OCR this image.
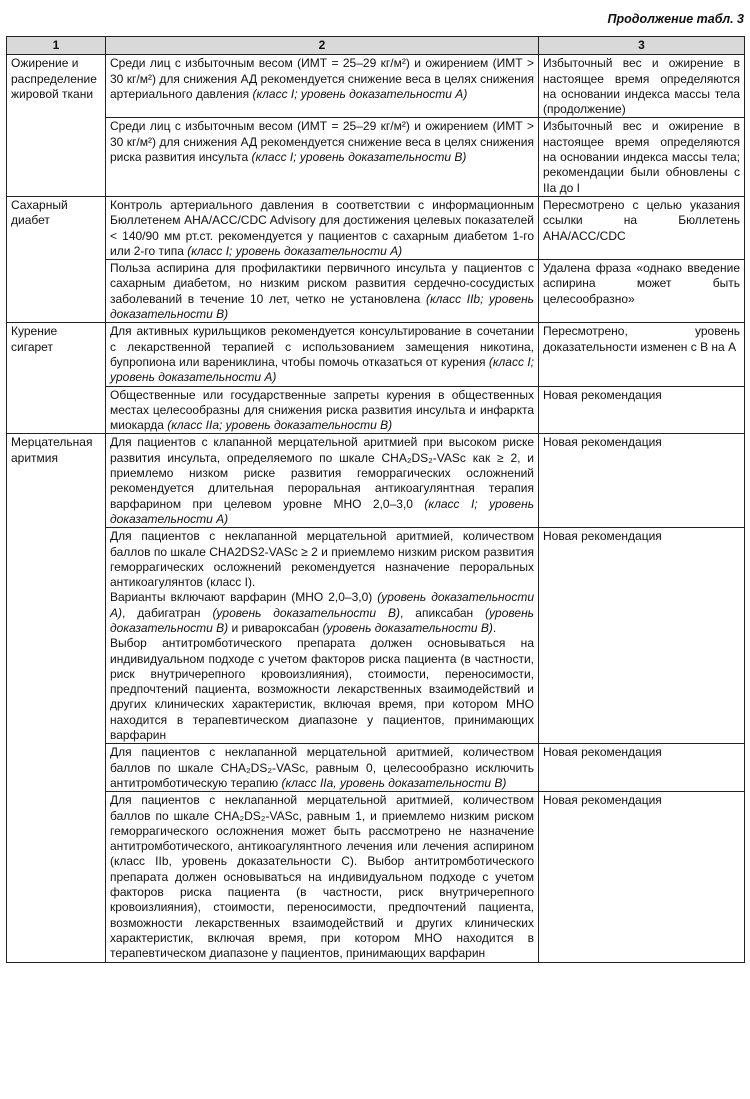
Продолжение табл. 3
1	2	3
Ожирение и распределение жировой ткани	Среди лиц с избыточным весом (ИМТ = 25–29 кг/м²) и ожирением (ИМТ > 30 кг/м²) для снижения АД рекомендуется снижение веса в целях снижения артериального давления (класс I; уровень доказательности А)	Избыточный вес и ожирение в настоящее время определяются на основании индекса массы тела (продолжение)
	Среди лиц с избыточным весом (ИМТ = 25–29 кг/м²) и ожирением (ИМТ > 30 кг/м²) для снижения АД рекомендуется снижение веса в целях снижения риска развития инсульта (класс I; уровень доказательности В)	Избыточный вес и ожирение в настоящее время определяются на основании индекса массы тела; рекомендации были обновлены с IIa до I
Сахарный диабет	Контроль артериального давления в соответствии с информационным Бюллетенем AHA/ACC/CDC Advisory для достижения целевых показателей < 140/90 мм рт.ст. рекомендуется у пациентов с сахарным диабетом 1-го или 2-го типа (класс I; уровень доказательности А)	Пересмотрено с целью указания ссылки на Бюллетень AHA/ACC/CDC
	Польза аспирина для профилактики первичного инсульта у пациентов с сахарным диабетом, но низким риском развития сердечно-сосудистых заболеваний в течение 10 лет, четко не установлена (класс IIb; уровень доказательности В)	Удалена фраза «однако введение аспирина может быть целесообразно»
Курение сигарет	Для активных курильщиков рекомендуется консультирование в сочетании с лекарственной терапией с использованием замещения никотина, бупропиона или варениклина, чтобы помочь отказаться от курения (класс I; уровень доказательности А)	Пересмотрено, уровень доказательности изменен с В на А
	Общественные или государственные запреты курения в общественных местах целесообразны для снижения риска развития инсульта и инфаркта миокарда (класс IIa; уровень доказательности В)	Новая рекомендация
Мерцательная аритмия	Для пациентов с клапанной мерцательной аритмией при высоком риске развития инсульта, определяемого по шкале CHA₂DS₂-VASc как ≥ 2, и приемлемо низком риске развития геморрагических осложнений рекомендуется длительная пероральная антикоагулянтная терапия варфарином при целевом уровне МНО 2,0–3,0 (класс I; уровень доказательности А)	Новая рекомендация
	Для пациентов с неклапанной мерцательной аритмией, количеством баллов по шкале CHA2DS2-VASc ≥ 2 и приемлемо низким риском развития геморрагических осложнений рекомендуется назначение пероральных антикоагулянтов (класс I).
Варианты включают варфарин (МНО 2,0–3,0) (уровень доказательности А), дабигатран (уровень доказательности В), апиксабан (уровень доказательности В) и ривароксабан (уровень доказательности В).
Выбор антитромботического препарата должен основываться на индивидуальном подходе с учетом факторов риска пациента (в частности, риск внутричерепного кровоизлияния), стоимости, переносимости, предпочтений пациента, возможности лекарственных взаимодействий и других клинических характеристик, включая время, при котором МНО находится в терапевтическом диапазоне у пациентов, принимающих варфарин	Новая рекомендация
	Для пациентов с неклапанной мерцательной аритмией, количеством баллов по шкале CHA₂DS₂-VASc, равным 0, целесообразно исключить антитромботическую терапию (класс IIa, уровень доказательности В)	Новая рекомендация
	Для пациентов с неклапанной мерцательной аритмией, количеством баллов по шкале CHA₂DS₂-VASc, равным 1, и приемлемо низким риском геморрагического осложнения может быть рассмотрено не назначение антитромботического, антикоагулянтного лечения или лечения аспирином (класс IIb, уровень доказательности C). Выбор антитромботического препарата должен основываться на индивидуальном подходе с учетом факторов риска пациента (в частности, риск внутричерепного кровоизлияния), стоимости, переносимости, предпочтений пациента, возможности лекарственных взаимодействий и других клинических характеристик, включая время, при котором МНО находится в терапевтическом диапазоне у пациентов, принимающих варфарин	Новая рекомендация
